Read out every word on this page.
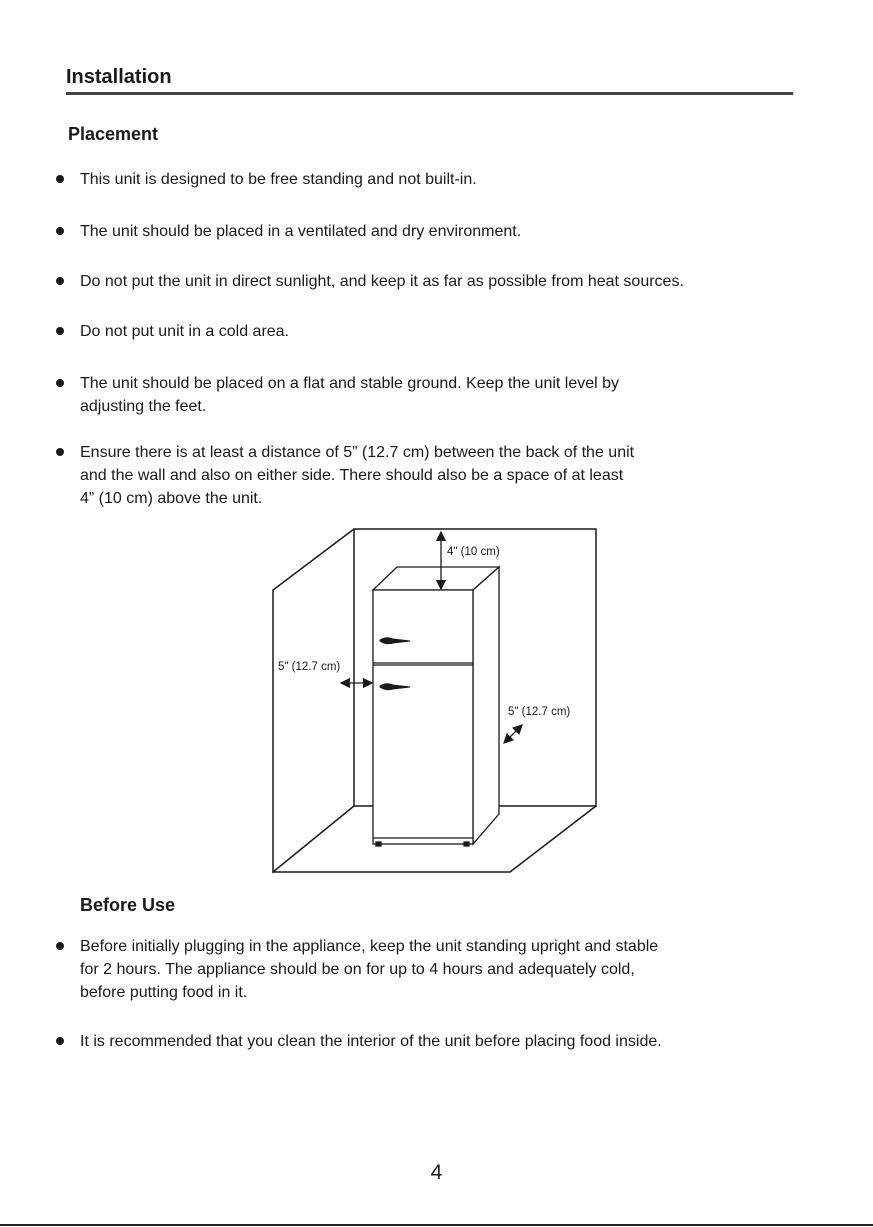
Installation
Placement
This unit is designed to be free standing and not built-in.
The unit should be placed in a ventilated and dry environment.
Do not put the unit in direct sunlight, and keep it as far as possible from heat sources.
Do not put unit in a cold area.
The unit should be placed on a flat and stable ground. Keep the unit level by
adjusting the feet.
Ensure there is at least a distance of 5” (12.7 cm) between the back of the unit
and the wall and also on either side. There should also be a space of at least
4” (10 cm) above the unit.
4" (10 cm)
5" (12.7 cm)
5" (12.7 cm)
Before Use
Before initially plugging in the appliance, keep the unit standing upright and stable
for 2 hours. The appliance should be on for up to 4 hours and adequately cold,
before putting food in it.
It is recommended that you clean the interior of the unit before placing food inside.
4
